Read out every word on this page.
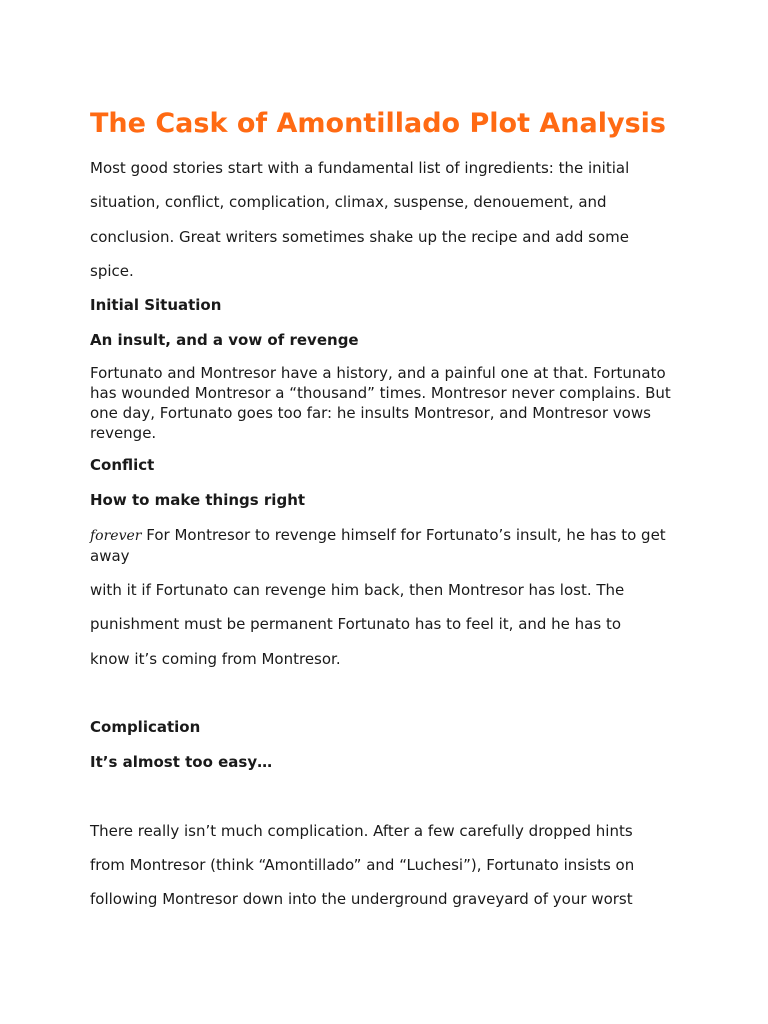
The Cask of Amontillado Plot Analysis

Most good stories start with a fundamental list of ingredients: the initial

situation, conflict, complication, climax, suspense, denouement, and

conclusion. Great writers sometimes shake up the recipe and add some

spice.

Initial Situation
An insult, and a vow of revenge

Fortunato and Montresor have a history, and a painful one at that. Fortunato
has wounded Montresor a “thousand” times. Montresor never complains. But
one day, Fortunato goes too far: he insults Montresor, and Montresor vows
revenge.

Conflict
How to make things right

forever For Montresor to revenge himself for Fortunato’s insult, he has to get
away

with it if Fortunato can revenge him back, then Montresor has lost. The

punishment must be permanent Fortunato has to feel it, and he has to

know it’s coming from Montresor.

Complication
It’s almost too easy…

There really isn’t much complication. After a few carefully dropped hints

from Montresor (think “Amontillado” and “Luchesi”), Fortunato insists on

following Montresor down into the underground graveyard of your worst
